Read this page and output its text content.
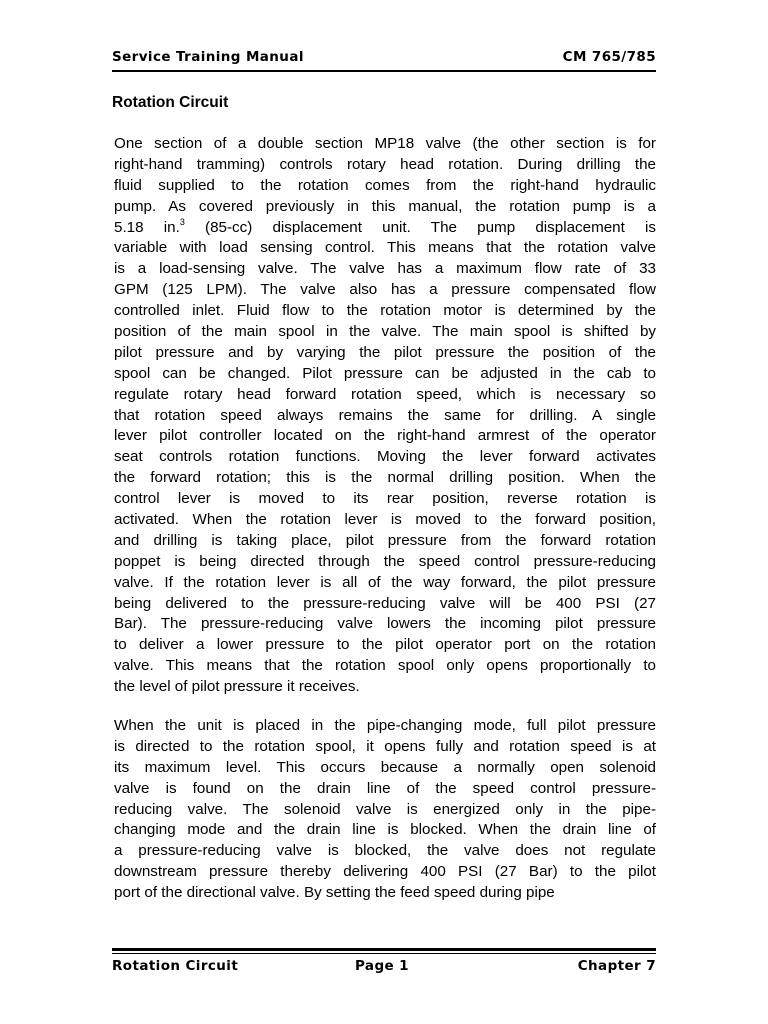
Service Training Manual	CM 765/785
Rotation Circuit
One section of a double section MP18 valve (the other section is for
right-hand tramming) controls rotary head rotation. During drilling the
fluid supplied to the rotation comes from the right-hand hydraulic
pump. As covered previously in this manual, the rotation pump is a
5.18 in.$^3$ (85-cc) displacement unit. The pump displacement is
variable with load sensing control. This means that the rotation valve
is a load-sensing valve. The valve has a maximum flow rate of 33
GPM (125 LPM). The valve also has a pressure compensated flow
controlled inlet. Fluid flow to the rotation motor is determined by the
position of the main spool in the valve. The main spool is shifted by
pilot pressure and by varying the pilot pressure the position of the
spool can be changed. Pilot pressure can be adjusted in the cab to
regulate rotary head forward rotation speed, which is necessary so
that rotation speed always remains the same for drilling. A single
lever pilot controller located on the right-hand armrest of the operator
seat controls rotation functions. Moving the lever forward activates
the forward rotation; this is the normal drilling position. When the
control lever is moved to its rear position, reverse rotation is
activated. When the rotation lever is moved to the forward position,
and drilling is taking place, pilot pressure from the forward rotation
poppet is being directed through the speed control pressure-reducing
valve. If the rotation lever is all of the way forward, the pilot pressure
being delivered to the pressure-reducing valve will be 400 PSI (27
Bar). The pressure-reducing valve lowers the incoming pilot pressure
to deliver a lower pressure to the pilot operator port on the rotation
valve. This means that the rotation spool only opens proportionally to
the level of pilot pressure it receives.
When the unit is placed in the pipe-changing mode, full pilot pressure
is directed to the rotation spool, it opens fully and rotation speed is at
its maximum level. This occurs because a normally open solenoid
valve is found on the drain line of the speed control pressure-
reducing valve. The solenoid valve is energized only in the pipe-
changing mode and the drain line is blocked. When the drain line of
a pressure-reducing valve is blocked, the valve does not regulate
downstream pressure thereby delivering 400 PSI (27 Bar) to the pilot
port of the directional valve. By setting the feed speed during pipe
Rotation Circuit	Page 1	Chapter 7
